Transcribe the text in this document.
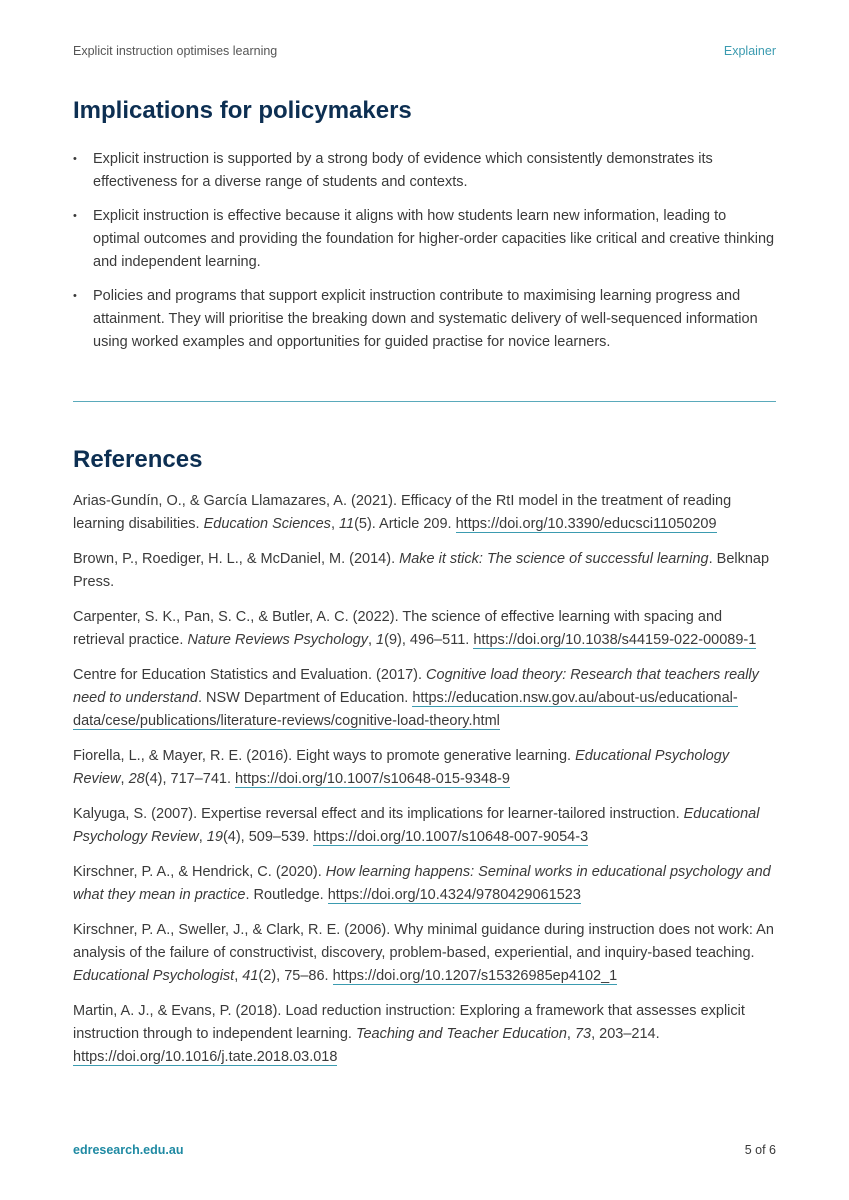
Explicit instruction optimises learning	Explainer
Implications for policymakers
• Explicit instruction is supported by a strong body of evidence which consistently demonstrates its effectiveness for a diverse range of students and contexts.
• Explicit instruction is effective because it aligns with how students learn new information, leading to optimal outcomes and providing the foundation for higher-order capacities like critical and creative thinking and independent learning.
• Policies and programs that support explicit instruction contribute to maximising learning progress and attainment. They will prioritise the breaking down and systematic delivery of well-sequenced information using worked examples and opportunities for guided practise for novice learners.
References

Arias-Gundín, O., & García Llamazares, A. (2021). Efficacy of the RtI model in the treatment of reading learning disabilities. Education Sciences, 11(5). Article 209. https://doi.org/10.3390/educsci11050209

Brown, P., Roediger, H. L., & McDaniel, M. (2014). Make it stick: The science of successful learning. Belknap Press.

Carpenter, S. K., Pan, S. C., & Butler, A. C. (2022). The science of effective learning with spacing and retrieval practice. Nature Reviews Psychology, 1(9), 496–511. https://doi.org/10.1038/s44159-022-00089-1

Centre for Education Statistics and Evaluation. (2017). Cognitive load theory: Research that teachers really need to understand. NSW Department of Education. https://education.nsw.gov.au/about-us/educational-data/cese/publications/literature-reviews/cognitive-load-theory.html

Fiorella, L., & Mayer, R. E. (2016). Eight ways to promote generative learning. Educational Psychology Review, 28(4), 717–741. https://doi.org/10.1007/s10648-015-9348-9

Kalyuga, S. (2007). Expertise reversal effect and its implications for learner-tailored instruction. Educational Psychology Review, 19(4), 509–539. https://doi.org/10.1007/s10648-007-9054-3

Kirschner, P. A., & Hendrick, C. (2020). How learning happens: Seminal works in educational psychology and what they mean in practice. Routledge. https://doi.org/10.4324/9780429061523

Kirschner, P. A., Sweller, J., & Clark, R. E. (2006). Why minimal guidance during instruction does not work: An analysis of the failure of constructivist, discovery, problem-based, experiential, and inquiry-based teaching. Educational Psychologist, 41(2), 75–86. https://doi.org/10.1207/s15326985ep4102_1

Martin, A. J., & Evans, P. (2018). Load reduction instruction: Exploring a framework that assesses explicit instruction through to independent learning. Teaching and Teacher Education, 73, 203–214. https://doi.org/10.1016/j.tate.2018.03.018

edresearch.edu.au	5 of 6
